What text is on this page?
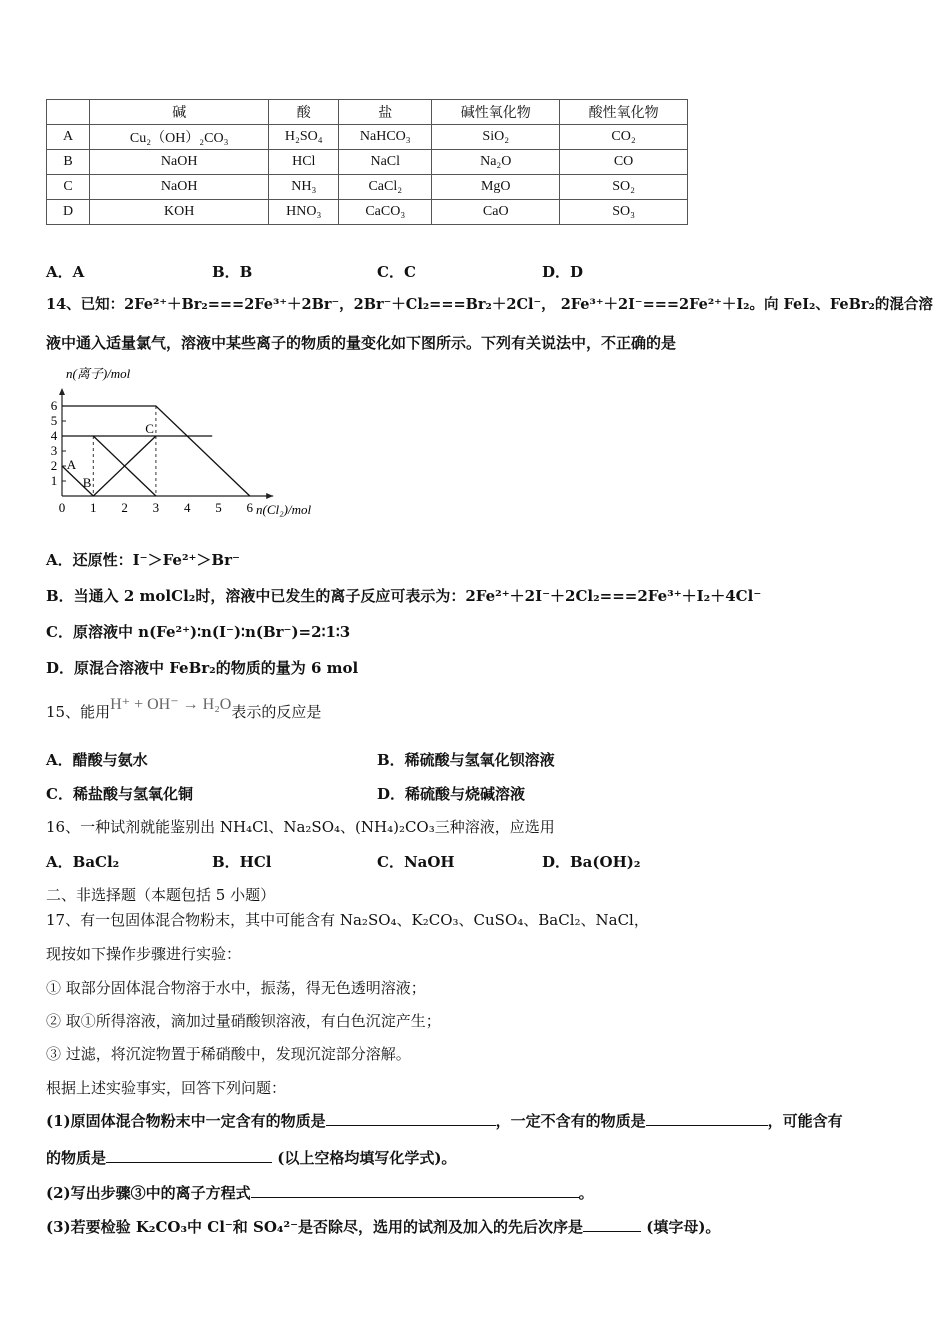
	碱	酸	盐	碱性氧化物	酸性氧化物
A	Cu₂（OH）₂CO₃	H₂SO₄	NaHCO₃	SiO₂	CO₂
B	NaOH	HCl	NaCl	Na₂O	CO
C	NaOH	NH₃	CaCl₂	MgO	SO₂
D	KOH	HNO₃	CaCO₃	CaO	SO₃
A．A	B．B	C．C	D．D
14、已知：2Fe²⁺＋Br₂===2Fe³⁺＋2Br⁻，2Br⁻＋Cl₂===Br₂＋2Cl⁻， 2Fe³⁺＋2I⁻===2Fe²⁺＋I₂。向 FeI₂、FeBr₂的混合溶
液中通入适量氯气，溶液中某些离子的物质的量变化如下图所示。下列有关说法中，不正确的是
0 1 2 3 4 5 6
1
2
3
4
5
6
n(离子)/mol
n(Cl₂)/mol
A
B
C
A．还原性：I⁻＞Fe²⁺＞Br⁻
B．当通入 2 molCl₂时，溶液中已发生的离子反应可表示为：2Fe²⁺＋2I⁻＋2Cl₂===2Fe³⁺＋I₂＋4Cl⁻
C．原溶液中 n(Fe²⁺)∶n(I⁻)∶n(Br⁻)=2∶1∶3
D．原混合溶液中 FeBr₂的物质的量为 6 mol
15、能用H⁺ + OH⁻ → H₂O表示的反应是
A．醋酸与氨水	B．稀硫酸与氢氧化钡溶液
C．稀盐酸与氢氧化铜	D．稀硫酸与烧碱溶液
16、一种试剂就能鉴别出 NH₄Cl、Na₂SO₄、(NH₄)₂CO₃三种溶液，应选用
A．BaCl₂	B．HCl	C．NaOH	D．Ba(OH)₂
二、非选择题（本题包括 5 小题）
17、有一包固体混合物粉末，其中可能含有 Na₂SO₄、K₂CO₃、CuSO₄、BaCl₂、NaCl，
现按如下操作步骤进行实验：
① 取部分固体混合物溶于水中，振荡，得无色透明溶液；
② 取①所得溶液，滴加过量硝酸钡溶液，有白色沉淀产生；
③ 过滤，将沉淀物置于稀硝酸中，发现沉淀部分溶解。
根据上述实验事实，回答下列问题：
(1)原固体混合物粉末中一定含有的物质是	，一定不含有的物质是	，可能含有
的物质是	(以上空格均填写化学式)。
(2)写出步骤③中的离子方程式	。
(3)若要检验 K₂CO₃中 Cl⁻和 SO₄²⁻是否除尽，选用的试剂及加入的先后次序是	(填字母)。
